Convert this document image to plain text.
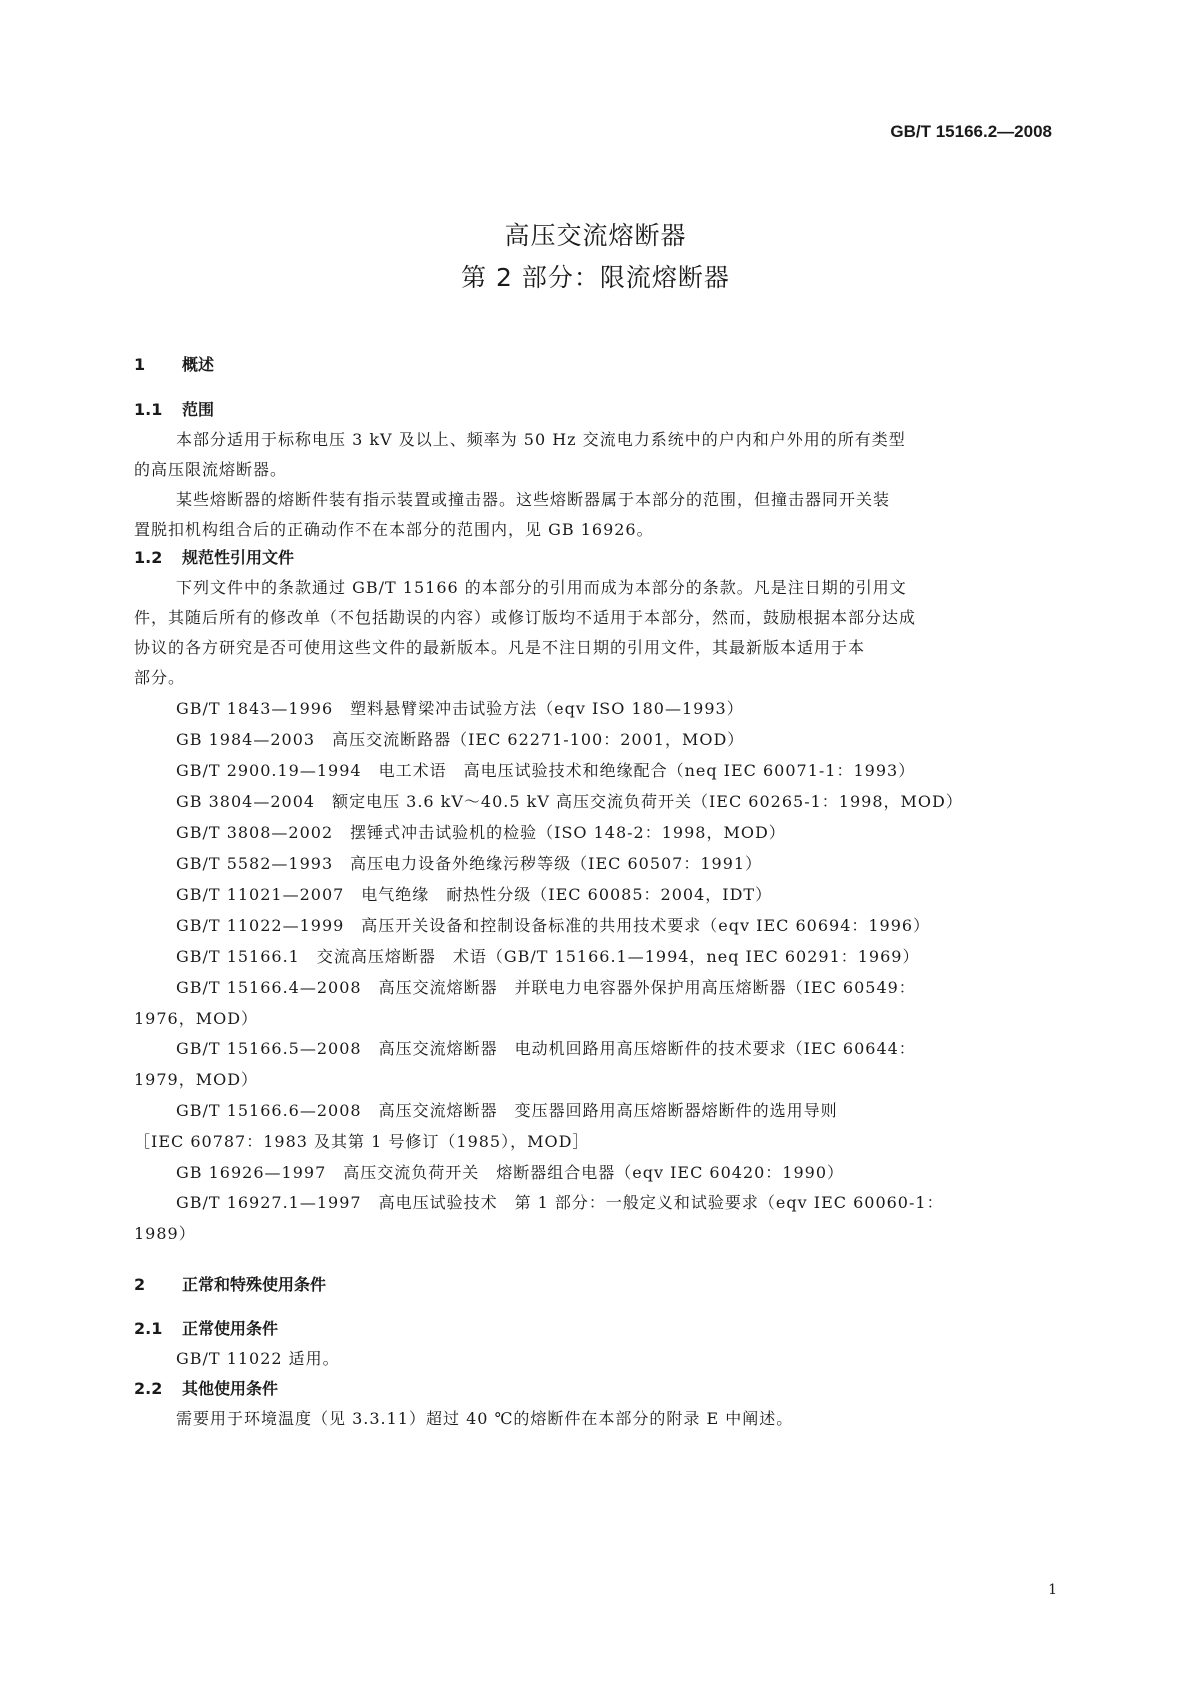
GB/T 15166.2—2008
高压交流熔断器
第 2 部分：限流熔断器
1 概述
1.1 范围
本部分适用于标称电压 3 kV 及以上、频率为 50 Hz 交流电力系统中的户内和户外用的所有类型
的高压限流熔断器。
某些熔断器的熔断件装有指示装置或撞击器。这些熔断器属于本部分的范围，但撞击器同开关装
置脱扣机构组合后的正确动作不在本部分的范围内，见 GB 16926。
1.2 规范性引用文件
下列文件中的条款通过 GB/T 15166 的本部分的引用而成为本部分的条款。凡是注日期的引用文
件，其随后所有的修改单（不包括勘误的内容）或修订版均不适用于本部分，然而，鼓励根据本部分达成
协议的各方研究是否可使用这些文件的最新版本。凡是不注日期的引用文件，其最新版本适用于本
部分。
GB/T 1843—1996　塑料悬臂梁冲击试验方法（eqv ISO 180—1993）
GB 1984—2003　高压交流断路器（IEC 62271-100：2001，MOD）
GB/T 2900.19—1994　电工术语　高电压试验技术和绝缘配合（neq IEC 60071-1：1993）
GB 3804—2004　额定电压 3.6 kV～40.5 kV 高压交流负荷开关（IEC 60265-1：1998，MOD）
GB/T 3808—2002　摆锤式冲击试验机的检验（ISO 148-2：1998，MOD）
GB/T 5582—1993　高压电力设备外绝缘污秽等级（IEC 60507：1991）
GB/T 11021—2007　电气绝缘　耐热性分级（IEC 60085：2004，IDT）
GB/T 11022—1999　高压开关设备和控制设备标准的共用技术要求（eqv IEC 60694：1996）
GB/T 15166.1　交流高压熔断器　术语（GB/T 15166.1—1994，neq IEC 60291：1969）
GB/T 15166.4—2008　高压交流熔断器　并联电力电容器外保护用高压熔断器（IEC 60549：
1976，MOD）
GB/T 15166.5—2008　高压交流熔断器　电动机回路用高压熔断件的技术要求（IEC 60644：
1979，MOD）
GB/T 15166.6—2008　高压交流熔断器　变压器回路用高压熔断器熔断件的选用导则
［IEC 60787：1983 及其第 1 号修订（1985），MOD］
GB 16926—1997　高压交流负荷开关　熔断器组合电器（eqv IEC 60420：1990）
GB/T 16927.1—1997　高电压试验技术　第 1 部分：一般定义和试验要求（eqv IEC 60060-1：
1989）
2 正常和特殊使用条件
2.1 正常使用条件
GB/T 11022 适用。
2.2 其他使用条件
需要用于环境温度（见 3.3.11）超过 40 ℃的熔断件在本部分的附录 E 中阐述。
1
